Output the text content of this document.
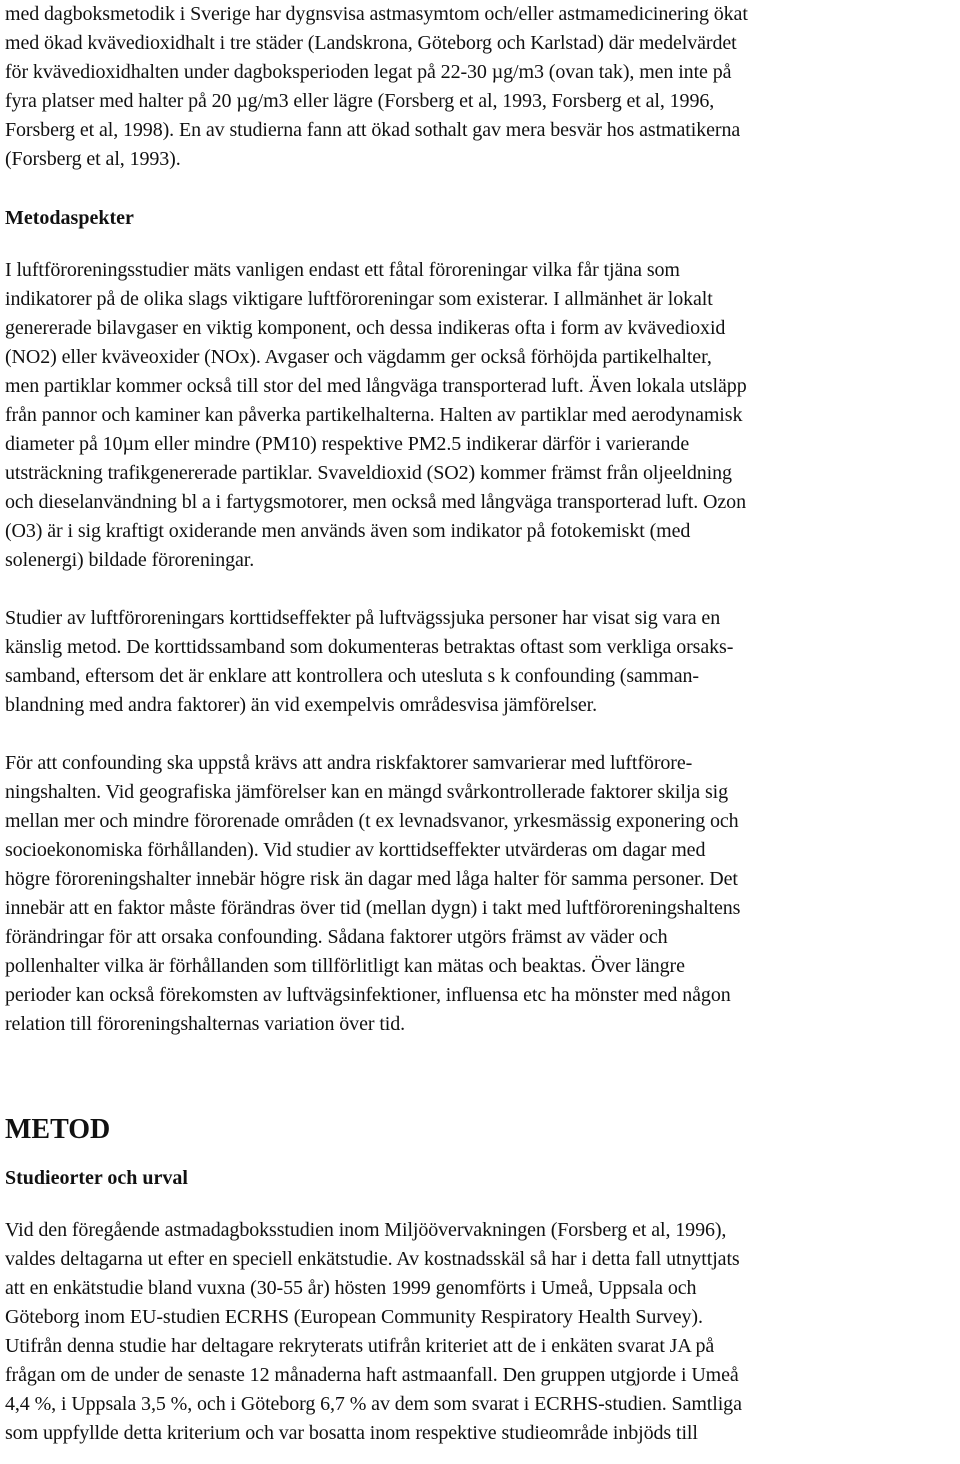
med dagboksmetodik i Sverige har dygnsvisa astmasymtom och/eller astmamedicinering ökat
med ökad kvävedioxidhalt i tre städer (Landskrona, Göteborg och Karlstad) där medelvärdet
för kvävedioxidhalten under dagboksperioden legat på 22-30 µg/m3 (ovan tak), men inte på
fyra platser med halter på 20 µg/m3 eller lägre (Forsberg et al, 1993, Forsberg et al, 1996,
Forsberg et al, 1998). En av studierna fann att ökad sothalt gav mera besvär hos astmatikerna
(Forsberg et al, 1993).
Metodaspekter
I luftföroreningsstudier mäts vanligen endast ett fåtal föroreningar vilka får tjäna som
indikatorer på de olika slags viktigare luftföroreningar som existerar. I allmänhet är lokalt
genererade bilavgaser en viktig komponent, och dessa indikeras ofta i form av kvävedioxid
(NO2) eller kväveoxider (NOx). Avgaser och vägdamm ger också förhöjda partikelhalter,
men partiklar kommer också till stor del med långväga transporterad luft. Även lokala utsläpp
från pannor och kaminer kan påverka partikelhalterna. Halten av partiklar med aerodynamisk
diameter på 10µm eller mindre (PM10) respektive PM2.5 indikerar därför i varierande
utsträckning trafikgenererade partiklar. Svaveldioxid (SO2) kommer främst från oljeeldning
och dieselanvändning bl a i fartygsmotorer, men också med långväga transporterad luft. Ozon
(O3) är i sig kraftigt oxiderande men används även som indikator på fotokemiskt (med
solenergi) bildade föroreningar.
Studier av luftföroreningars korttidseffekter på luftvägssjuka personer har visat sig vara en
känslig metod. De korttidssamband som dokumenteras betraktas oftast som verkliga orsaks-
samband, eftersom det är enklare att kontrollera och utesluta s k confounding (samman-
blandning med andra faktorer) än vid exempelvis områdesvisa jämförelser.
För att confounding ska uppstå krävs att andra riskfaktorer samvarierar med luftförore-
ningshalten. Vid geografiska jämförelser kan en mängd svårkontrollerade faktorer skilja sig
mellan mer och mindre förorenade områden (t ex levnadsvanor, yrkesmässig exponering och
socioekonomiska förhållanden). Vid studier av korttidseffekter utvärderas om dagar med
högre föroreningshalter innebär högre risk än dagar med låga halter för samma personer. Det
innebär att en faktor måste förändras över tid (mellan dygn) i takt med luftföroreningshaltens
förändringar för att orsaka confounding. Sådana faktorer utgörs främst av väder och
pollenhalter vilka är förhållanden som tillförlitligt kan mätas och beaktas. Över längre
perioder kan också förekomsten av luftvägsinfektioner, influensa etc ha mönster med någon
relation till föroreningshalternas variation över tid.
METOD
Studieorter och urval
Vid den föregående astmadagboksstudien inom Miljöövervakningen (Forsberg et al, 1996),
valdes deltagarna ut efter en speciell enkätstudie. Av kostnadsskäl så har i detta fall utnyttjats
att en enkätstudie bland vuxna (30-55 år) hösten 1999 genomförts i Umeå, Uppsala och
Göteborg inom EU-studien ECRHS (European Community Respiratory Health Survey).
Utifrån denna studie har deltagare rekryterats utifrån kriteriet att de i enkäten svarat JA på
frågan om de under de senaste 12 månaderna haft astmaanfall. Den gruppen utgjorde i Umeå
4,4 %, i Uppsala 3,5 %, och i Göteborg 6,7 % av dem som svarat i ECRHS-studien. Samtliga
som uppfyllde detta kriterium och var bosatta inom respektive studieområde inbjöds till
